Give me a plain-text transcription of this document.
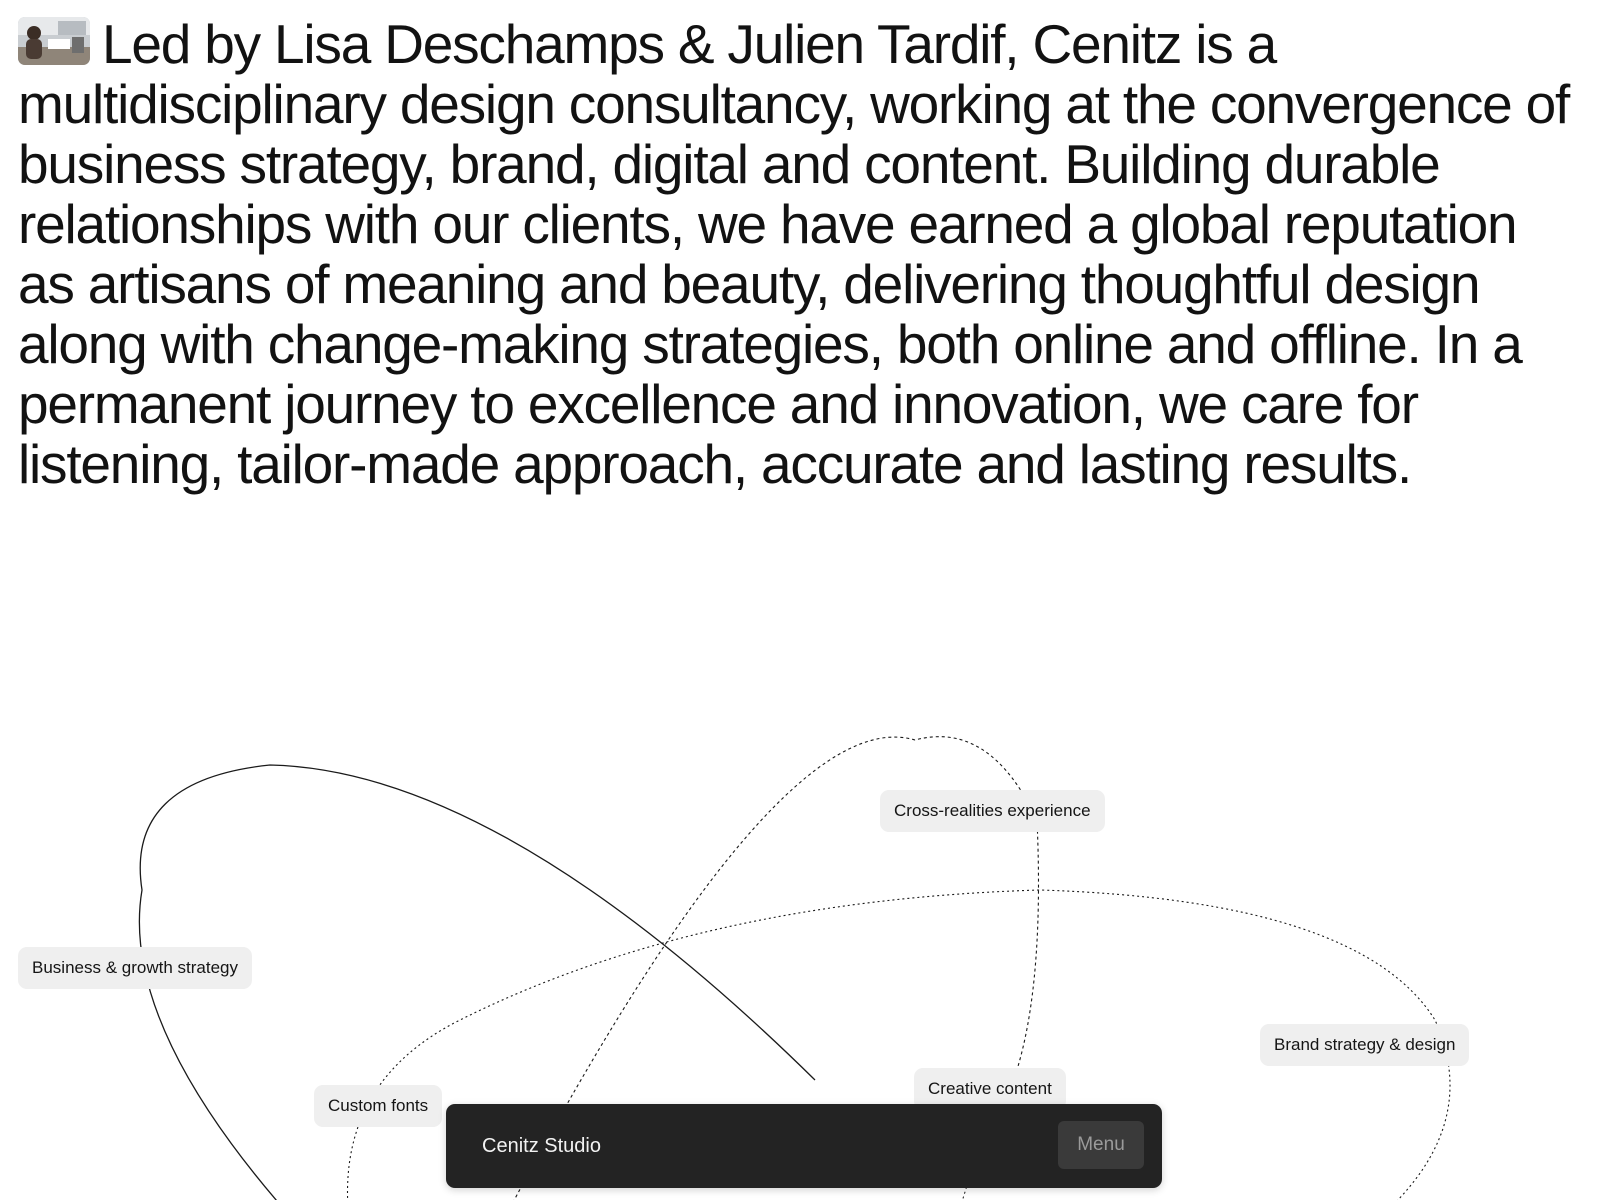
Led by Lisa Deschamps & Julien Tardif, Cenitz is a multidisciplinary design consultancy, working at the convergence of business strategy, brand, digital and content. Building durable relationships with our clients, we have earned a global reputation as artisans of meaning and beauty, delivering thoughtful design along with change-making strategies, both online and offline. In a permanent journey to excellence and innovation, we care for listening, tailor-made approach, accurate and lasting results.

Cross-realities experience
Business & growth strategy
Brand strategy & design
Creative content
Custom fonts
Cenitz Studio	Menu
